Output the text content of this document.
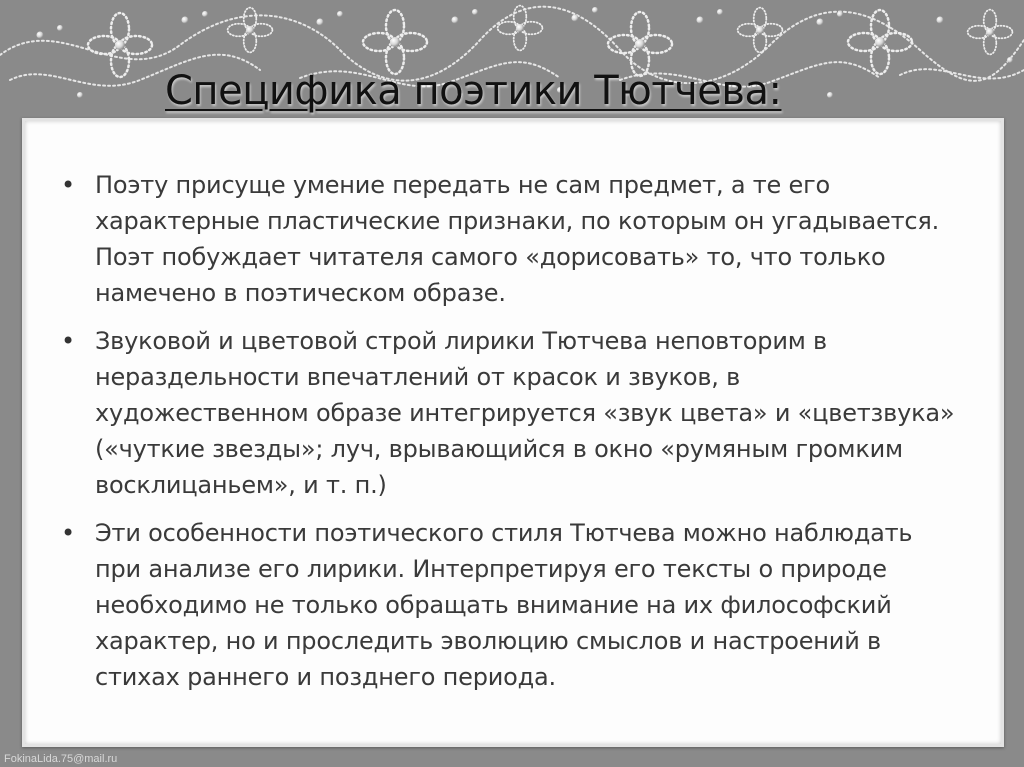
Специфика поэтики Тютчева:
• Поэту присуще умение передать не сам предмет, а те его характерные пластические признаки, по которым он угадывается. Поэт побуждает читателя самого «дорисовать» то, что только намечено в поэтическом образе.
• Звуковой и цветовой строй лирики Тютчева неповторим в нераздельности впечатлений от красок и звуков, в художественном образе интегрируется «звук цвета» и «цветзвука» («чуткие звезды»; луч, врывающийся в окно «румяным громким восклицаньем», и т. п.)
• Эти особенности поэтического стиля Тютчева можно наблюдать при анализе его лирики. Интерпретируя его тексты о природе необходимо не только обращать внимание на их философский характер, но и проследить эволюцию смыслов и настроений в стихах раннего и позднего периода.
FokinaLida.75@mail.ru
